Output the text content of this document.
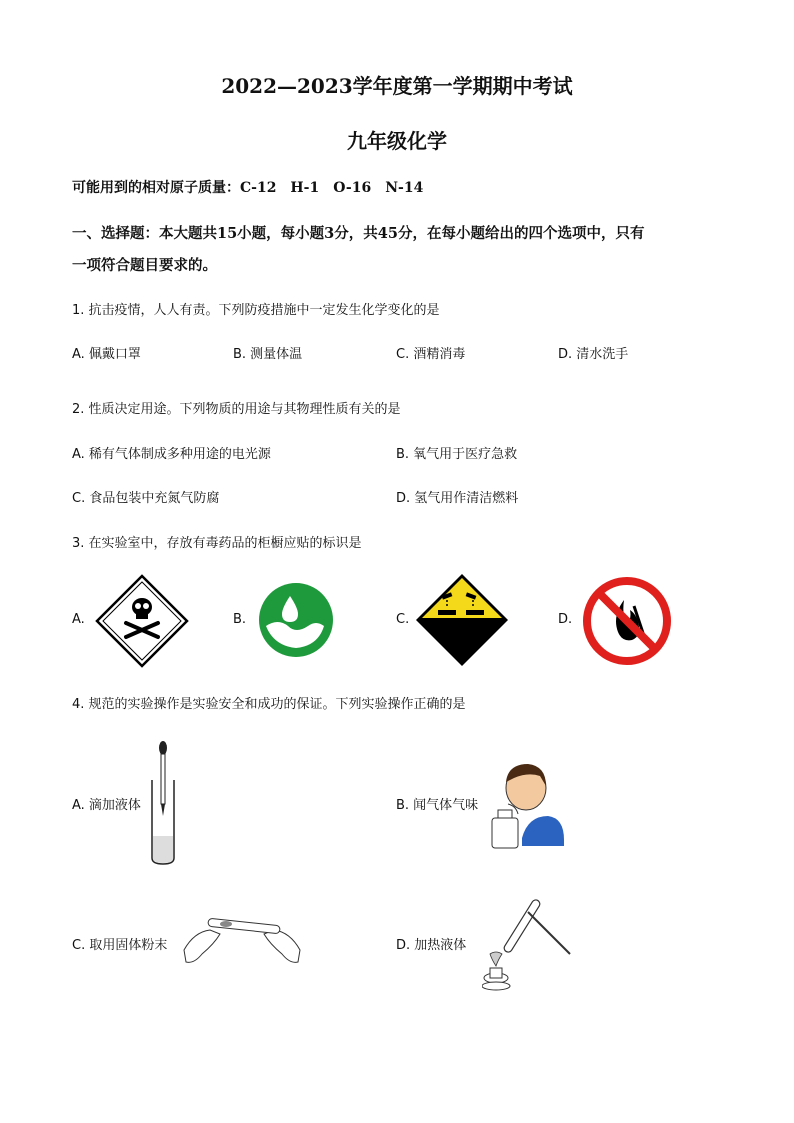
2022—2023学年度第一学期期中考试
九年级化学
可能用到的相对原子质量：C-12　H-1　O-16　N-14
一、选择题：本大题共15小题，每小题3分，共45分，在每小题给出的四个选项中，只有
一项符合题目要求的。
1. 抗击疫情，人人有责。下列防疫措施中一定发生化学变化的是
A. 佩戴口罩	B. 测量体温	C. 酒精消毒	D. 清水洗手
2. 性质决定用途。下列物质的用途与其物理性质有关的是
A. 稀有气体制成多种用途的电光源	B. 氧气用于医疗急救
C. 食品包装中充氮气防腐	D. 氢气用作清洁燃料
3. 在实验室中，存放有毒药品的柜橱应贴的标识是
A.	B.	C.	D.
4. 规范的实验操作是实验安全和成功的保证。下列实验操作正确的是
A. 滴加液体	B. 闻气体气味
C. 取用固体粉末	D. 加热液体
